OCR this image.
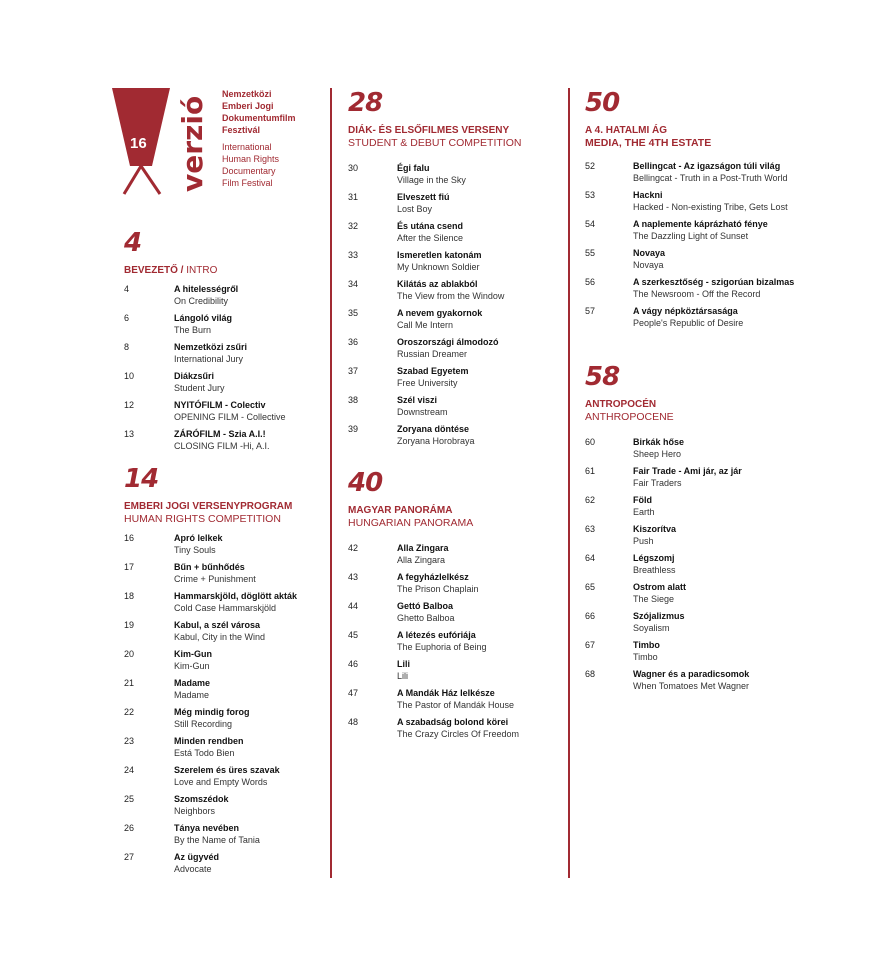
16 verzió
Nemzetközi
Emberi Jogi
Dokumentumfilm
Fesztivál
International
Human Rights
Documentary
Film Festival
4
BEVEZETŐ / INTRO
4	A hitelességről
On Credibility
6	Lángoló világ
The Burn
8	Nemzetközi zsűri
International Jury
10	Diákzsűri
Student Jury
12	NYITÓFILM - Colectiv
OPENING FILM - Collective
13	ZÁRÓFILM - Szia A.I.!
CLOSING FILM -Hi, A.I.
14
EMBERI JOGI VERSENYPROGRAM
HUMAN RIGHTS COMPETITION
16	Apró lelkek
Tiny Souls
17	Bűn + bűnhődés
Crime + Punishment
18	Hammarskjöld, döglött akták
Cold Case Hammarskjöld
19	Kabul, a szél városa
Kabul, City in the Wind
20	Kim-Gun
Kim-Gun
21	Madame
Madame
22	Még mindig forog
Still Recording
23	Minden rendben
Está Todo Bien
24	Szerelem és üres szavak
Love and Empty Words
25	Szomszédok
Neighbors
26	Tánya nevében
By the Name of Tania
27	Az ügyvéd
Advocate
28
DIÁK- ÉS ELSŐFILMES VERSENY
STUDENT & DEBUT COMPETITION
30	Égi falu
Village in the Sky
31	Elveszett fiú
Lost Boy
32	És utána csend
After the Silence
33	Ismeretlen katonám
My Unknown Soldier
34	Kilátás az ablakból
The View from the Window
35	A nevem gyakornok
Call Me Intern
36	Oroszországi álmodozó
Russian Dreamer
37	Szabad Egyetem
Free University
38	Szél viszi
Downstream
39	Zoryana döntése
Zoryana Horobraya
40
MAGYAR PANORÁMA
HUNGARIAN PANORAMA
42	Alla Zingara
Alla Zingara
43	A fegyházlelkész
The Prison Chaplain
44	Gettó Balboa
Ghetto Balboa
45	A létezés eufóriája
The Euphoria of Being
46	Lili
Lili
47	A Mandák Ház lelkésze
The Pastor of Mandák House
48	A szabadság bolond körei
The Crazy Circles Of Freedom
50
A 4. HATALMI ÁG
MEDIA, THE 4TH ESTATE
52	Bellingcat - Az igazságon túli világ
Bellingcat - Truth in a Post-Truth World
53	Hackni
Hacked - Non-existing Tribe, Gets Lost
54	A naplemente káprázható fénye
The Dazzling Light of Sunset
55	Novaya
Novaya
56	A szerkesztőség - szigorúan bizalmas
The Newsroom - Off the Record
57	A vágy népköztársasága
People's Republic of Desire
58
ANTROPOCÉN
ANTHROPOCENE
60	Birkák hőse
Sheep Hero
61	Fair Trade - Ami jár, az jár
Fair Traders
62	Föld
Earth
63	Kiszorítva
Push
64	Légszomj
Breathless
65	Ostrom alatt
The Siege
66	Szójalizmus
Soyalism
67	Timbo
Timbo
68	Wagner és a paradicsomok
When Tomatoes Met Wagner
